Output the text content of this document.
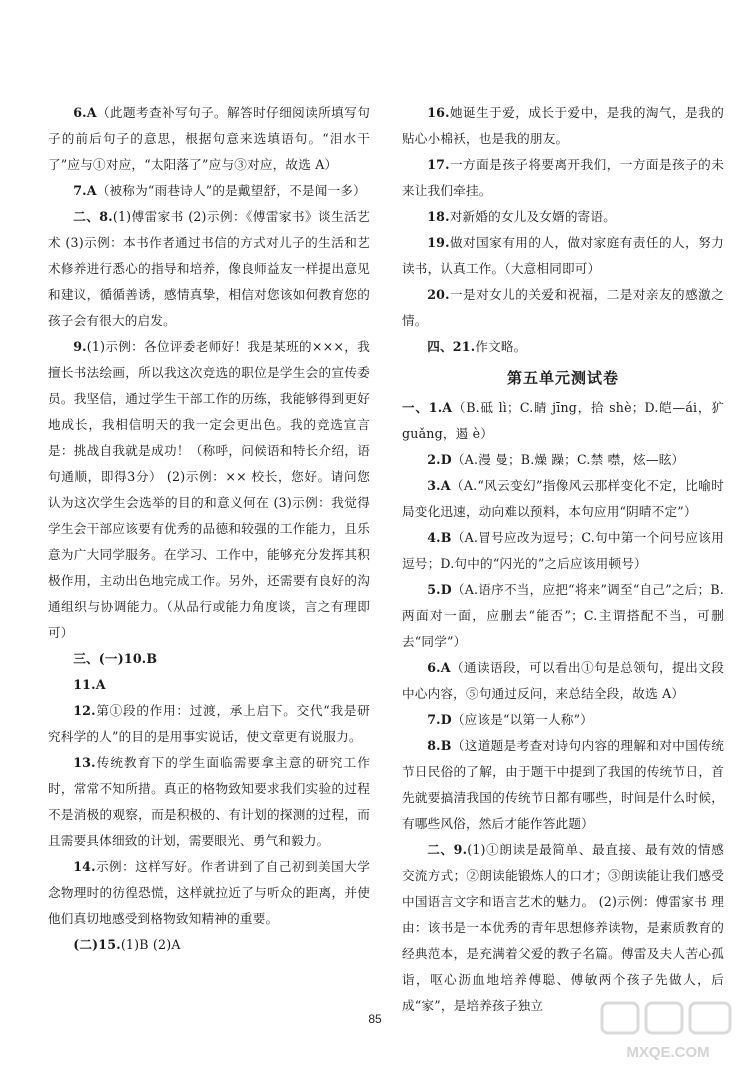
6.A（此题考查补写句子。解答时仔细阅读所填写句子的前后句子的意思，根据句意来选填语句。“泪水干了”应与①对应，“太阳落了”应与③对应，故选 A）

7.A（被称为“雨巷诗人”的是戴望舒，不是闻一多）

二、8.(1)傅雷家书 (2)示例：《傅雷家书》谈生活艺术 (3)示例：本书作者通过书信的方式对儿子的生活和艺术修养进行悉心的指导和培养，像良师益友一样提出意见和建议，循循善诱，感情真挚，相信对您该如何教育您的孩子会有很大的启发。

9.(1)示例：各位评委老师好！我是某班的×××，我擅长书法绘画，所以我这次竞选的职位是学生会的宣传委员。我坚信，通过学生干部工作的历练，我能够得到更好地成长，我相信明天的我一定会更出色。我的竞选宣言是：挑战自我就是成功！（称呼，问候语和特长介绍，语句通顺，即得3分） (2)示例：×× 校长，您好。请问您认为这次学生会选举的目的和意义何在 (3)示例：我觉得学生会干部应该要有优秀的品德和较强的工作能力，且乐意为广大同学服务。在学习、工作中，能够充分发挥其积极作用，主动出色地完成工作。另外，还需要有良好的沟通组织与协调能力。（从品行或能力角度谈，言之有理即可）

三、(一)10.B

11.A

12.第①段的作用：过渡，承上启下。交代“我是研究科学的人”的目的是用事实说话，使文章更有说服力。

13.传统教育下的学生面临需要拿主意的研究工作时，常常不知所措。真正的格物致知要求我们实验的过程不是消极的观察，而是积极的、有计划的探测的过程，而且需要具体细致的计划，需要眼光、勇气和毅力。

14.示例：这样写好。作者讲到了自己初到美国大学念物理时的彷徨恐慌，这样就拉近了与听众的距离，并使他们真切地感受到格物致知精神的重要。

(二)15.(1)B (2)A

16.她诞生于爱，成长于爱中，是我的淘气，是我的贴心小棉袄，也是我的朋友。

17.一方面是孩子将要离开我们，一方面是孩子的未来让我们牵挂。

18.对新婚的女儿及女婿的寄语。

19.做对国家有用的人，做对家庭有责任的人，努力读书，认真工作。（大意相同即可）

20.一是对女儿的关爱和祝福，二是对亲友的感激之情。

四、21.作文略。

第五单元测试卷

一、1.A（B.砥 lì；C.睛 jīng，拾 shè；D.皑—ái，犷 guǎng，遏 è）

2.D（A.漫 曼；B.燥 躁；C.禁 噤，炫—眩）

3.A（A.“风云变幻”指像风云那样变化不定，比喻时局变化迅速，动向难以预料，本句应用“阴晴不定”）

4.B（A.冒号应改为逗号；C.句中第一个问号应该用逗号；D.句中的“闪光的”之后应该用顿号）

5.D（A.语序不当，应把“将来”调至“自己”之后；B.两面对一面，应删去“能否”；C.主谓搭配不当，可删去“同学”）

6.A（通读语段，可以看出①句是总领句，提出文段中心内容，⑤句通过反问，来总结全段，故选 A）

7.D（应该是“以第一人称”）

8.B（这道题是考查对诗句内容的理解和对中国传统节日民俗的了解，由于题干中提到了我国的传统节日，首先就要搞清我国的传统节日都有哪些，时间是什么时候，有哪些风俗，然后才能作答此题）

二、9.(1)①朗读是最简单、最直接、最有效的情感交流方式；②朗读能锻炼人的口才；③朗读能让我们感受中国语言文字和语言艺术的魅力。 (2)示例：傅雷家书 理由：该书是一本优秀的青年思想修养读物，是素质教育的经典范本，是充满着父爱的教子名篇。傅雷及夫人苦心孤诣，呕心沥血地培养傅聪、傅敏两个孩子先做人，后成“家”，是培养孩子独立

85
MXQE.COM
